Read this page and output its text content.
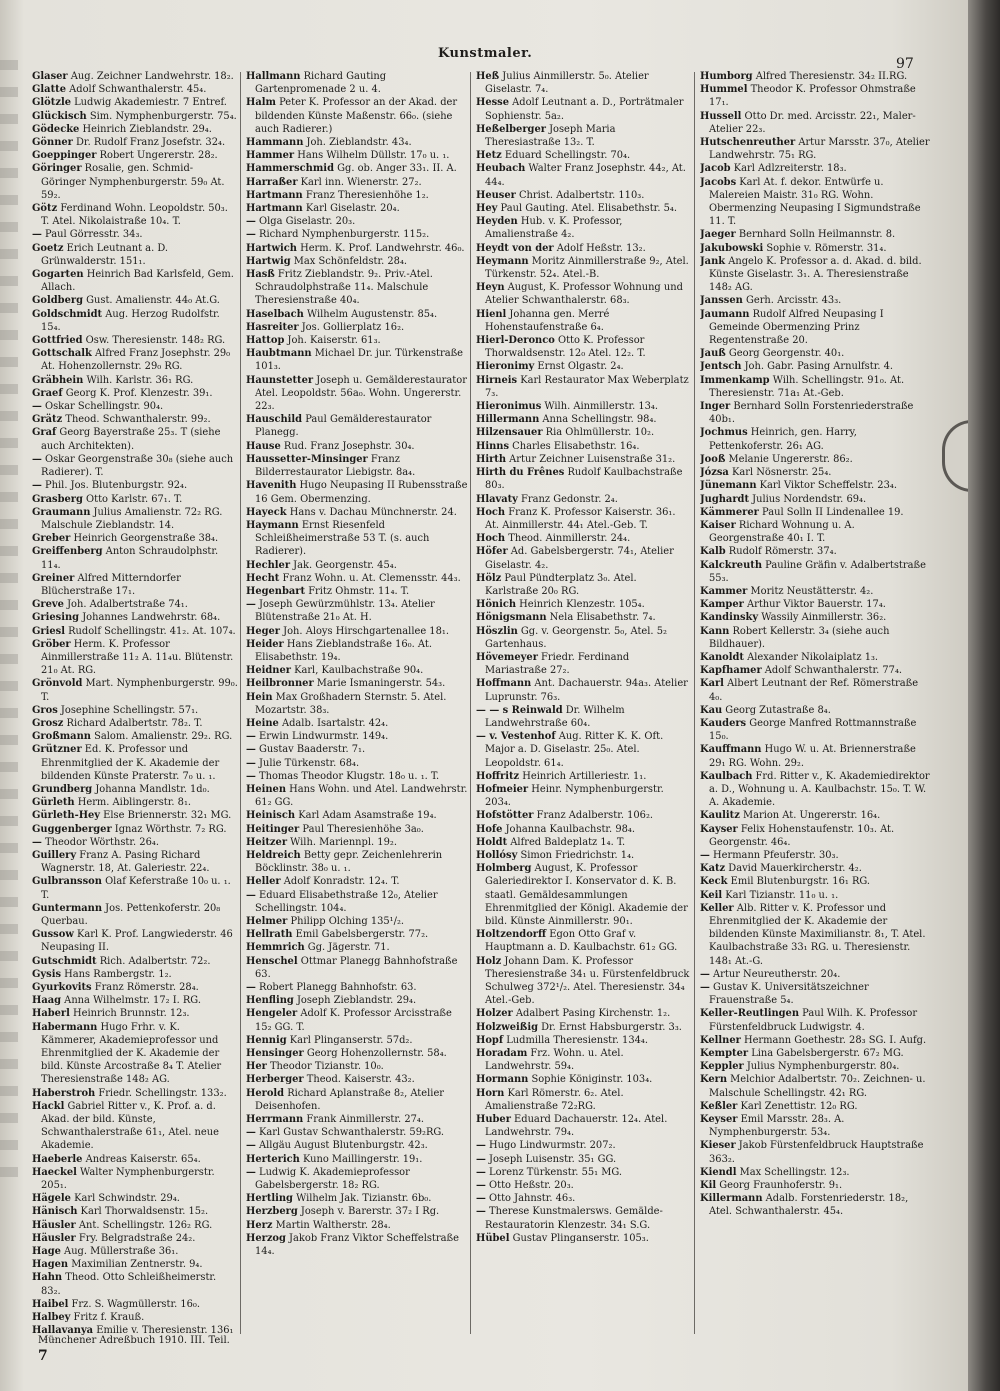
Kunstmaler.
97

Glaser Aug. Zeichner Landwehrstr. 18₂.

Glatte Adolf Schwanthalerstr. 45₄.

Glötzle Ludwig Akademiestr. 7 Entref.

Glückisch Sim. Nymphenburgerstr. 75₄.

Gödecke Heinrich Zieblandstr. 29₄.

Gönner Dr. Rudolf Franz Josefstr. 32₄.

Goeppinger Robert Ungererstr. 28₂.

Göringer Rosalie, gen. Schmid-Göringer Nymphenburgerstr. 59₀ At. 59₂.

Götz Ferdinand Wohn. Leopoldstr. 50₃. T. Atel. Nikolaistraße 10₄. T.

— Paul Görresstr. 34₃.

Goetz Erich Leutnant a. D. Grünwalderstr. 151₁.

Gogarten Heinrich Bad Karlsfeld, Gem. Allach.

Goldberg Gust. Amalienstr. 44₀ At.G.

Goldschmidt Aug. Herzog Rudolfstr. 15₄.

Gottfried Osw. Theresienstr. 148₂ RG.

Gottschalk Alfred Franz Josephstr. 29₀ At. Hohenzollernstr. 29₀ RG.

Gräbhein Wilh. Karlstr. 36₁ RG.

Graef Georg K. Prof. Klenzestr. 39₁.

— Oskar Schellingstr. 90₄.

Grätz Theod. Schwanthalerstr. 99₂.

Graf Georg Bayerstraße 25₃. T (siehe auch Architekten).

— Oskar Georgenstraße 30₈ (siehe auch Radierer). T.

— Phil. Jos. Blutenburgstr. 92₄.

Grasberg Otto Karlstr. 67₁. T.

Graumann Julius Amalienstr. 72₂ RG. Malschule Zieblandstr. 14.

Greber Heinrich Georgenstraße 38₄.

Greiffenberg Anton Schraudolphstr. 11₄.

Greiner Alfred Mitterndorfer Blücherstraße 17₁.

Greve Joh. Adalbertstraße 74₁.

Griesing Johannes Landwehrstr. 68₄.

Griesl Rudolf Schellingstr. 41₂. At. 107₄.

Gröber Herm. K. Professor Ainmillerstraße 11₂ A. 11₄u. Blütenstr. 21₀ At. RG.

Grönvold Mart. Nymphenburgerstr. 99₀. T.

Gros Josephine Schellingstr. 57₁.

Grosz Richard Adalbertstr. 78₂. T.

Großmann Salom. Amalienstr. 29₂. RG.

Grützner Ed. K. Professor und Ehrenmitglied der K. Akademie der bildenden Künste Praterstr. 7₀ u. ₁.

Grundberg Johanna Mandlstr. 1d₀.

Gürleth Herm. Aiblingerstr. 8₁.

Gürleth-Hey Else Briennerstr. 32₁ MG.

Guggenberger Ignaz Wörthstr. 7₂ RG.

— Theodor Wörthstr. 26₄.

Guillery Franz A. Pasing Richard Wagnerstr. 18, At. Galeriestr. 22₄.

Gulbransson Olaf Keferstraße 10₀ u. ₁. T.

Guntermann Jos. Pettenkoferstr. 20₈ Querbau.

Gussow Karl K. Prof. Langwiederstr. 46 Neupasing II.

Gutschmidt Rich. Adalbertstr. 72₂.

Gysis Hans Rambergstr. 1₂.

Gyurkovits Franz Römerstr. 28₄.

Haag Anna Wilhelmstr. 17₂ I. RG.

Haberl Heinrich Brunnstr. 12₃.

Habermann Hugo Frhr. v. K. Kämmerer, Akademieprofessor und Ehrenmitglied der K. Akademie der bild. Künste Arcostraße 8₄ T. Atelier Theresienstraße 148₂ AG.

Haberstroh Friedr. Schellingstr. 133₂.

Hackl Gabriel Ritter v., K. Prof. a. d. Akad. der bild. Künste, Schwanthalerstraße 61₁, Atel. neue Akademie.

Haeberle Andreas Kaiserstr. 65₄.

Haeckel Walter Nymphenburgerstr. 205₁.

Hägele Karl Schwindstr. 29₄.

Hänisch Karl Thorwaldsenstr. 15₂.

Häusler Ant. Schellingstr. 126₂ RG.

Häusler Fry. Belgradstraße 24₂.

Hage Aug. Müllerstraße 36₁.

Hagen Maximilian Zentnerstr. 9₄.

Hahn Theod. Otto Schleißheimerstr. 83₂.

Haibel Frz. S. Wagmüllerstr. 16₀.

Halbey Fritz f. Krauß.

Hallavanya Emilie v. Theresienstr. 136₁

Hallmann Richard Gauting Gartenpromenade 2 u. 4.

Halm Peter K. Professor an der Akad. der bildenden Künste Maßenstr. 66₀. (siehe auch Radierer.)

Hammann Joh. Zieblandstr. 43₄.

Hammer Hans Wilhelm Düllstr. 17₀ u. ₁.

Hammerschmid Gg. ob. Anger 33₁. II. A.

Harraßer Karl inn. Wienerstr. 27₂.

Hartmann Franz Theresienhöhe 1₂.

Hartmann Karl Giselastr. 20₄.

— Olga Giselastr. 20₃.

— Richard Nymphenburgerstr. 115₂.

Hartwich Herm. K. Prof. Landwehrstr. 46₀.

Hartwig Max Schönfeldstr. 28₄.

Hasß Fritz Zieblandstr. 9₂. Priv.-Atel. Schraudolphstraße 11₄. Malschule Theresienstraße 40₄.

Haselbach Wilhelm Augustenstr. 85₄.

Hasreiter Jos. Gollierplatz 16₂.

Hattop Joh. Kaiserstr. 61₃.

Haubtmann Michael Dr. jur. Türkenstraße 101₃.

Haunstetter Joseph u. Gemälderestaurator Atel. Leopoldstr. 56a₀. Wohn. Ungererstr. 22₃.

Hauschild Paul Gemälderestaurator Planegg.

Hause Rud. Franz Josephstr. 30₄.

Haussetter-Minsinger Franz Bilderrestaurator Liebigstr. 8a₄.

Havenith Hugo Neupasing II Rubensstraße 16 Gem. Obermenzing.

Hayeck Hans v. Dachau Münchnerstr. 24.

Haymann Ernst Riesenfeld Schleißheimerstraße 53 T. (s. auch Radierer).

Hechler Jak. Georgenstr. 45₄.

Hecht Franz Wohn. u. At. Clemensstr. 44₃.

Hegenbart Fritz Ohmstr. 11₄. T.

— Joseph Gewürzmühlstr. 13₄. Atelier Blütenstraße 21₀ At. H.

Heger Joh. Aloys Hirschgartenallee 18₁.

Heider Hans Zieblandstraße 16₀. At. Elisabethstr. 19₄.

Heidner Karl, Kaulbachstraße 90₄.

Heilbronner Marie Ismaningerstr. 54₃.

Hein Max Großhadern Sternstr. 5. Atel. Mozartstr. 38₃.

Heine Adalb. Isartalstr. 42₄.

— Erwin Lindwurmstr. 149₄.

— Gustav Baaderstr. 7₁.

— Julie Türkenstr. 68₄.

— Thomas Theodor Klugstr. 18₀ u. ₁. T.

Heinen Hans Wohn. und Atel. Landwehrstr. 61₂ GG.

Heinisch Karl Adam Asamstraße 19₄.

Heitinger Paul Theresienhöhe 3a₀.

Heitzer Wilh. Mariennpl. 19₂.

Heldreich Betty gepr. Zeichenlehrerin Böcklinstr. 38₀ u. ₁.

Heller Adolf Konradstr. 12₄. T.

— Eduard Elisabethstraße 12₀, Atelier Schellingstr. 104₄.

Helmer Philipp Olching 135¹/₂.

Hellrath Emil Gabelsbergerstr. 77₂.

Hemmrich Gg. Jägerstr. 71.

Henschel Ottmar Planegg Bahnhofstraße 63.

— Robert Planegg Bahnhofstr. 63.

Henfling Joseph Zieblandstr. 29₄.

Hengeler Adolf K. Professor Arcisstraße 15₂ GG. T.

Hennig Karl Plinganserstr. 57d₂.

Hensinger Georg Hohenzollernstr. 58₄.

Her Theodor Tizianstr. 10₀.

Herberger Theod. Kaiserstr. 43₂.

Herold Richard Aplanstraße 8₂, Atelier Deisenhofen.

Herrmann Frank Ainmillerstr. 27₄.

— Karl Gustav Schwanthalerstr. 59₂RG.

— Allgäu August Blutenburgstr. 42₃.

Herterich Kuno Maillingerstr. 19₁.

— Ludwig K. Akademieprofessor Gabelsbergerstr. 18₂ RG.

Hertling Wilhelm Jak. Tizianstr. 6b₀.

Herzberg Joseph v. Barerstr. 37₂ I Rg.

Herz Martin Waltherstr. 28₄.

Herzog Jakob Franz Viktor Scheffelstraße 14₄.

Heß Julius Ainmillerstr. 5₀. Atelier Giselastr. 7₄.

Hesse Adolf Leutnant a. D., Porträtmaler Sophienstr. 5a₂.

Heßelberger Joseph Maria Theresiastraße 13₂. T.

Hetz Eduard Schellingstr. 70₄.

Heubach Walter Franz Josephstr. 44₂, At. 44₄.

Heuser Christ. Adalbertstr. 110₃.

Hey Paul Gauting. Atel. Elisabethstr. 5₄.

Heyden Hub. v. K. Professor, Amalienstraße 4₂.

Heydt von der Adolf Heßstr. 13₂.

Heymann Moritz Ainmillerstraße 9₂, Atel. Türkenstr. 52₄. Atel.-B.

Heyn August, K. Professor Wohnung und Atelier Schwanthalerstr. 68₃.

Hienl Johanna gen. Merré Hohenstaufenstraße 6₄.

Hierl-Deronco Otto K. Professor Thorwaldsenstr. 12₀ Atel. 12₂. T.

Hieronimy Ernst Olgastr. 2₄.

Hirneis Karl Restaurator Max Weberplatz 7₃.

Hieronimus Wilh. Ainmillerstr. 13₄.

Hillermann Anna Schellingstr. 98₄.

Hilzensauer Ria Ohlmüllerstr. 10₂.

Hinns Charles Elisabethstr. 16₄.

Hirth Artur Zeichner Luisenstraße 31₂.

Hirth du Frênes Rudolf Kaulbachstraße 80₃.

Hlavaty Franz Gedonstr. 2₄.

Hoch Franz K. Professor Kaiserstr. 36₁. At. Ainmillerstr. 44₁ Atel.-Geb. T.

Hoch Theod. Ainmillerstr. 24₄.

Höfer Ad. Gabelsbergerstr. 74₁, Atelier Giselastr. 4₂.

Hölz Paul Pündterplatz 3₀. Atel. Karlstraße 20₀ RG.

Hönich Heinrich Klenzestr. 105₄.

Hönigsmann Nela Elisabethstr. 7₄.

Höszlin Gg. v. Georgenstr. 5₀, Atel. 5₂ Gartenhaus.

Hövemeyer Friedr. Ferdinand Mariastraße 27₂.

Hoffmann Ant. Dachauerstr. 94a₃. Atelier Luprunstr. 76₃.

— — s Reinwald Dr. Wilhelm Landwehrstraße 60₄.

— v. Vestenhof Aug. Ritter K. K. Oft. Major a. D. Giselastr. 25₀. Atel. Leopoldstr. 61₄.

Hoffritz Heinrich Artilleriestr. 1₁.

Hofmeier Heinr. Nymphenburgerstr. 203₄.

Hofstötter Franz Adalberstr. 106₂.

Hofe Johanna Kaulbachstr. 98₄.

Holdt Alfred Baldeplatz 1₄. T.

Hollósy Simon Friedrichstr. 1₄.

Holmberg August, K. Professor Galeriedirektor I. Konservator d. K. B. staatl. Gemäldesammlungen Ehrenmitglied der Königl. Akademie der bild. Künste Ainmillerstr. 90₁.

Holtzendorff Egon Otto Graf v. Hauptmann a. D. Kaulbachstr. 61₂ GG.

Holz Johann Dam. K. Professor Theresienstraße 34₁ u. Fürstenfeldbruck Schulweg 372¹/₂. Atel. Theresienstr. 34₄ Atel.-Geb.

Holzer Adalbert Pasing Kirchenstr. 1₂.

Holzweißig Dr. Ernst Habsburgerstr. 3₃.

Hopf Ludmilla Theresienstr. 134₄.

Horadam Frz. Wohn. u. Atel. Landwehrstr. 59₄.

Hormann Sophie Königinstr. 103₄.

Horn Karl Römerstr. 6₂. Atel. Amalienstraße 72₂RG.

Huber Eduard Dachauerstr. 12₄. Atel. Landwehrstr. 79₄.

— Hugo Lindwurmstr. 207₂.

— Joseph Luisenstr. 35₁ GG.

— Lorenz Türkenstr. 55₁ MG.

— Otto Heßstr. 20₃.

— Otto Jahnstr. 46₃.

— Therese Kunstmalersws. Gemälde-Restauratorin Klenzestr. 34₁ S.G.

Hübel Gustav Plinganserstr. 105₃.

Humborg Alfred Theresienstr. 34₂ II.RG.

Hummel Theodor K. Professor Ohmstraße 17₁.

Hussell Otto Dr. med. Arcisstr. 22₁, Maler-Atelier 22₃.

Hutschenreuther Artur Marsstr. 37₀, Atelier Landwehrstr. 75₁ RG.

Jacob Karl Adlzreiterstr. 18₃.

Jacobs Karl At. f. dekor. Entwürfe u. Malereien Maistr. 31₀ RG. Wohn. Obermenzing Neupasing I Sigmundstraße 11. T.

Jaeger Bernhard Solln Heilmannstr. 8.

Jakubowski Sophie v. Römerstr. 31₄.

Jank Angelo K. Professor a. d. Akad. d. bild. Künste Giselastr. 3₁. A. Theresienstraße 148₂ AG.

Janssen Gerh. Arcisstr. 43₃.

Jaumann Rudolf Alfred Neupasing I Gemeinde Obermenzing Prinz Regentenstraße 20.

Jauß Georg Georgenstr. 40₁.

Jentsch Joh. Gabr. Pasing Arnulfstr. 4.

Immenkamp Wilh. Schellingstr. 91₀. At. Theresienstr. 71a₁ At.-Geb.

Inger Bernhard Solln Forstenriederstraße 40b₁.

Jochmus Heinrich, gen. Harry, Pettenkoferstr. 26₁ AG.

Jooß Melanie Ungererstr. 86₂.

Józsa Karl Nösnerstr. 25₄.

Jünemann Karl Viktor Scheffelstr. 23₄.

Jughardt Julius Nordendstr. 69₄.

Kämmerer Paul Solln II Lindenallee 19.

Kaiser Richard Wohnung u. A. Georgenstraße 40₁ I. T.

Kalb Rudolf Römerstr. 37₄.

Kalckreuth Pauline Gräfin v. Adalbertstraße 55₃.

Kammer Moritz Neustätterstr. 4₂.

Kamper Arthur Viktor Bauerstr. 17₄.

Kandinsky Wassily Ainmillerstr. 36₂.

Kann Robert Kellerstr. 3₄ (siehe auch Bildhauer).

Kanoldt Alexander Nikolaiplatz 1₃.

Kapfhamer Adolf Schwanthalerstr. 77₄.

Karl Albert Leutnant der Ref. Römerstraße 4₀.

Kau Georg Zutastraße 8₄.

Kauders George Manfred Rottmannstraße 15₀.

Kauffmann Hugo W. u. At. Briennerstraße 29₁ RG. Wohn. 29₂.

Kaulbach Frd. Ritter v., K. Akademiedirektor a. D., Wohnung u. A. Kaulbachstr. 15₀. T. W. A. Akademie.

Kaulitz Marion At. Ungererstr. 16₄.

Kayser Felix Hohenstaufenstr. 10₃. At. Georgenstr. 46₄.

— Hermann Pfeuferstr. 30₃.

Katz David Mauerkircherstr. 4₂.

Keck Emil Blutenburgstr. 16₁ RG.

Keil Karl Tizianstr. 11₀ u. ₁.

Keller Alb. Ritter v. K. Professor und Ehrenmitglied der K. Akademie der bildenden Künste Maximilianstr. 8₁, T. Atel. Kaulbachstraße 33₁ RG. u. Theresienstr. 148₁ At.-G.

— Artur Neureutherstr. 20₄.

— Gustav K. Universitätszeichner Frauenstraße 5₄.

Keller-Reutlingen Paul Wilh. K. Professor Fürstenfeldbruck Ludwigstr. 4.

Kellner Hermann Goethestr. 28₃ SG. I. Aufg.

Kempter Lina Gabelsbergerstr. 67₂ MG.

Keppler Julius Nymphenburgerstr. 80₄.

Kern Melchior Adalbertstr. 70₂. Zeichnen- u. Malschule Schellingstr. 42₁ RG.

Keßler Karl Zenettistr. 12₀ RG.

Keyser Emil Marsstr. 28₃. A. Nymphenburgerstr. 53₄.

Kieser Jakob Fürstenfeldbruck Hauptstraße 363₂.

Kiendl Max Schellingstr. 12₃.

Kil Georg Fraunhoferstr. 9₁.

Killermann Adalb. Forstenriederstr. 18₂, Atel. Schwanthalerstr. 45₄.

Münchener Adreßbuch 1910. III. Teil.
7
